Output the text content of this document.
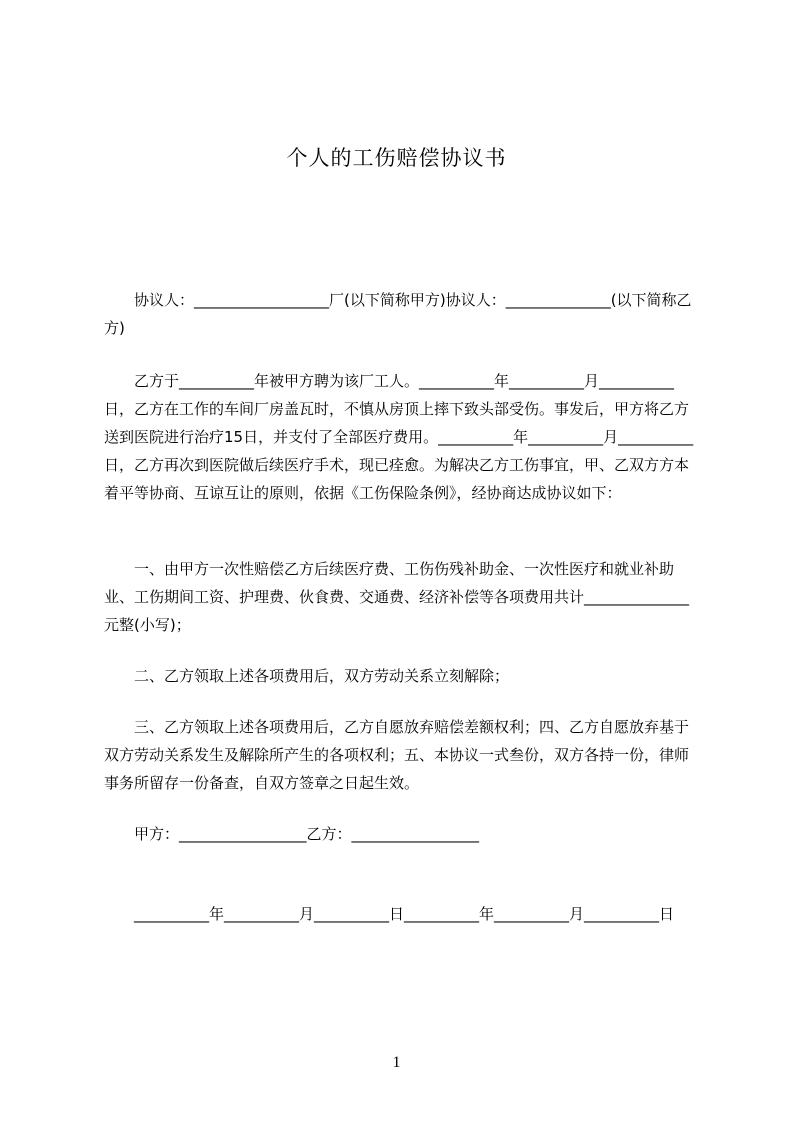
个人的工伤赔偿协议书
　　协议人：__________________厂(以下简称甲方)协议人：______________(以下简称乙方)
　　乙方于__________年被甲方聘为该厂工人。__________年__________月__________日，乙方在工作的车间厂房盖瓦时，不慎从房顶上摔下致头部受伤。事发后，甲方将乙方送到医院进行治疗15日，并支付了全部医疗费用。__________年__________月__________日，乙方再次到医院做后续医疗手术，现已痊愈。为解决乙方工伤事宜，甲、乙双方方本着平等协商、互谅互让的原则，依据《工伤保险条例》，经协商达成协议如下：
　　一、由甲方一次性赔偿乙方后续医疗费、工伤伤残补助金、一次性医疗和就业补助业、工伤期间工资、护理费、伙食费、交通费、经济补偿等各项费用共计______________元整(小写)；
　　二、乙方领取上述各项费用后，双方劳动关系立刻解除；
　　三、乙方领取上述各项费用后，乙方自愿放弃赔偿差额权利；四、乙方自愿放弃基于双方劳动关系发生及解除所产生的各项权利；五、本协议一式叁份，双方各持一份，律师事务所留存一份备查，自双方签章之日起生效。
　　甲方：_________________乙方：_________________
　　__________年__________月__________日__________年__________月__________日
1
